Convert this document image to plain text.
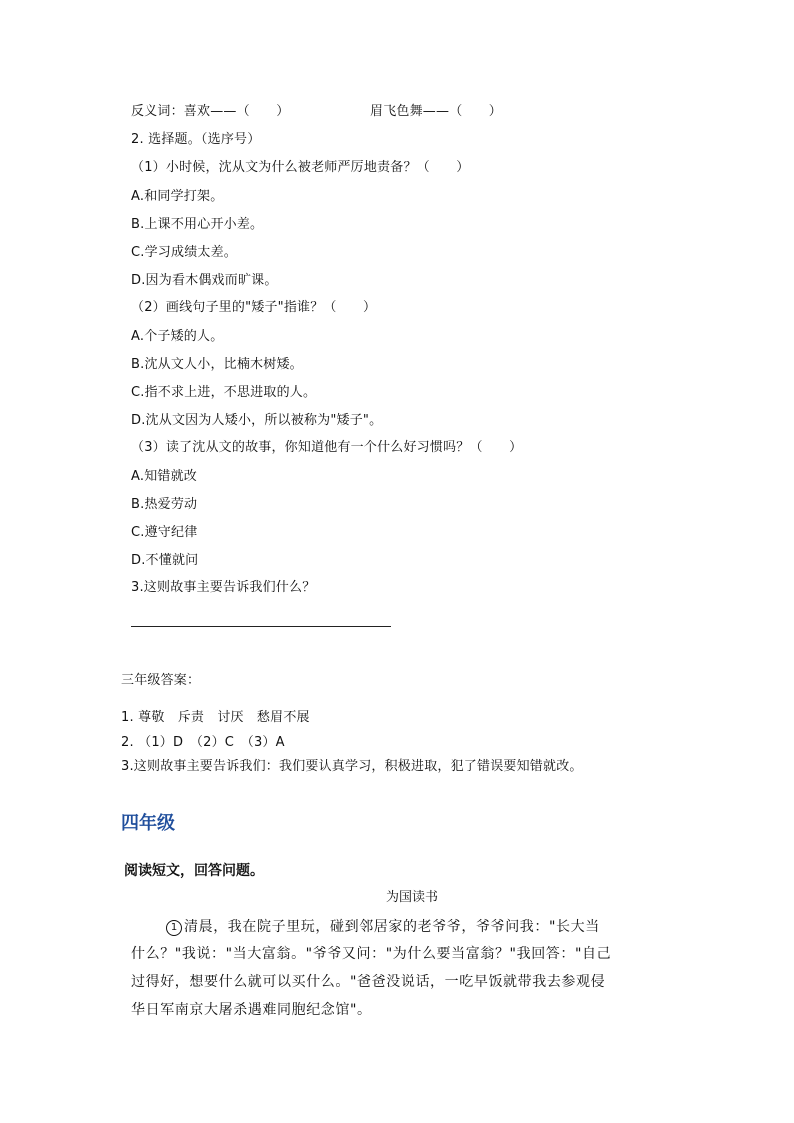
反义词：喜欢——（　　）	眉飞色舞——（　　）
2. 选择题。（选序号）
（1）小时候，沈从文为什么被老师严厉地责备？（　　）
A.和同学打架。
B.上课不用心开小差。
C.学习成绩太差。
D.因为看木偶戏而旷课。
（2）画线句子里的"矮子"指谁？（　　）
A.个子矮的人。
B.沈从文人小，比楠木树矮。
C.指不求上进，不思进取的人。
D.沈从文因为人矮小，所以被称为"矮子"。
（3）读了沈从文的故事，你知道他有一个什么好习惯吗？（　　）
A.知错就改
B.热爱劳动
C.遵守纪律
D.不懂就问
3.这则故事主要告诉我们什么？
三年级答案：
1. 尊敬　斥责　讨厌　愁眉不展
2. （1）D　（2）C　（3）A
3.这则故事主要告诉我们：我们要认真学习，积极进取，犯了错误要知错就改。
四年级
阅读短文，回答问题。
为国读书
1 清晨，我在院子里玩，碰到邻居家的老爷爷，爷爷问我："长大当
什么？"我说："当大富翁。"爷爷又问："为什么要当富翁？"我回答："自己
过得好，想要什么就可以买什么。"爸爸没说话，一吃早饭就带我去参观侵
华日军南京大屠杀遇难同胞纪念馆"。
